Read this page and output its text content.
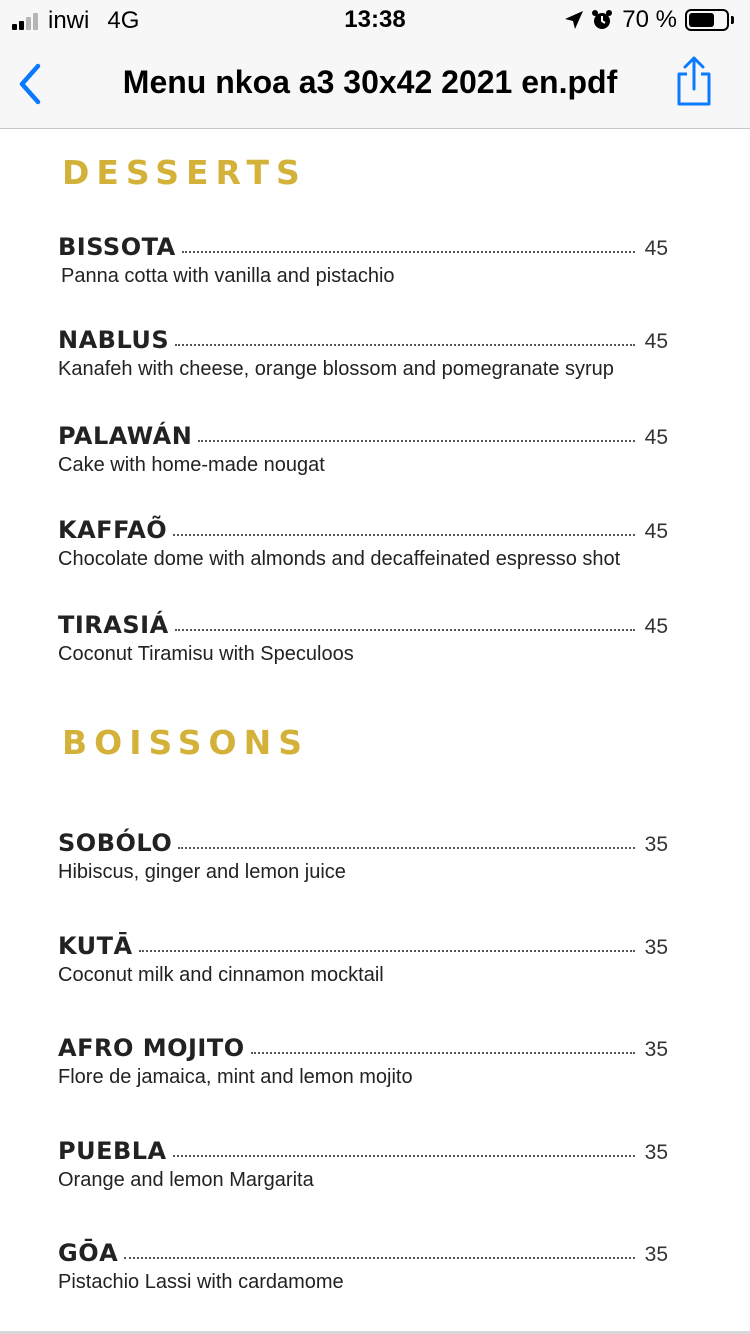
inwi 4G	13:38	70 %
Menu nkoa a3 30x42 2021 en.pdf
DESSERTS
BISSOTA	45
Panna cotta with vanilla and pistachio
NABLUS	45
Kanafeh with cheese, orange blossom and pomegranate syrup
PALAWÁN	45
Cake with home-made nougat
KAFFAÕ	45
Chocolate dome with almonds and decaffeinated espresso shot
TIRASIÁ	45
Coconut Tiramisu with Speculoos
BOISSONS
SOBÓLO	35
Hibiscus, ginger and lemon juice
KUTĀ	35
Coconut milk and cinnamon mocktail
AFRO MOJITO	35
Flore de jamaica, mint and lemon mojito
PUEBLA	35
Orange and lemon Margarita
GŌA	35
Pistachio Lassi with cardamome
